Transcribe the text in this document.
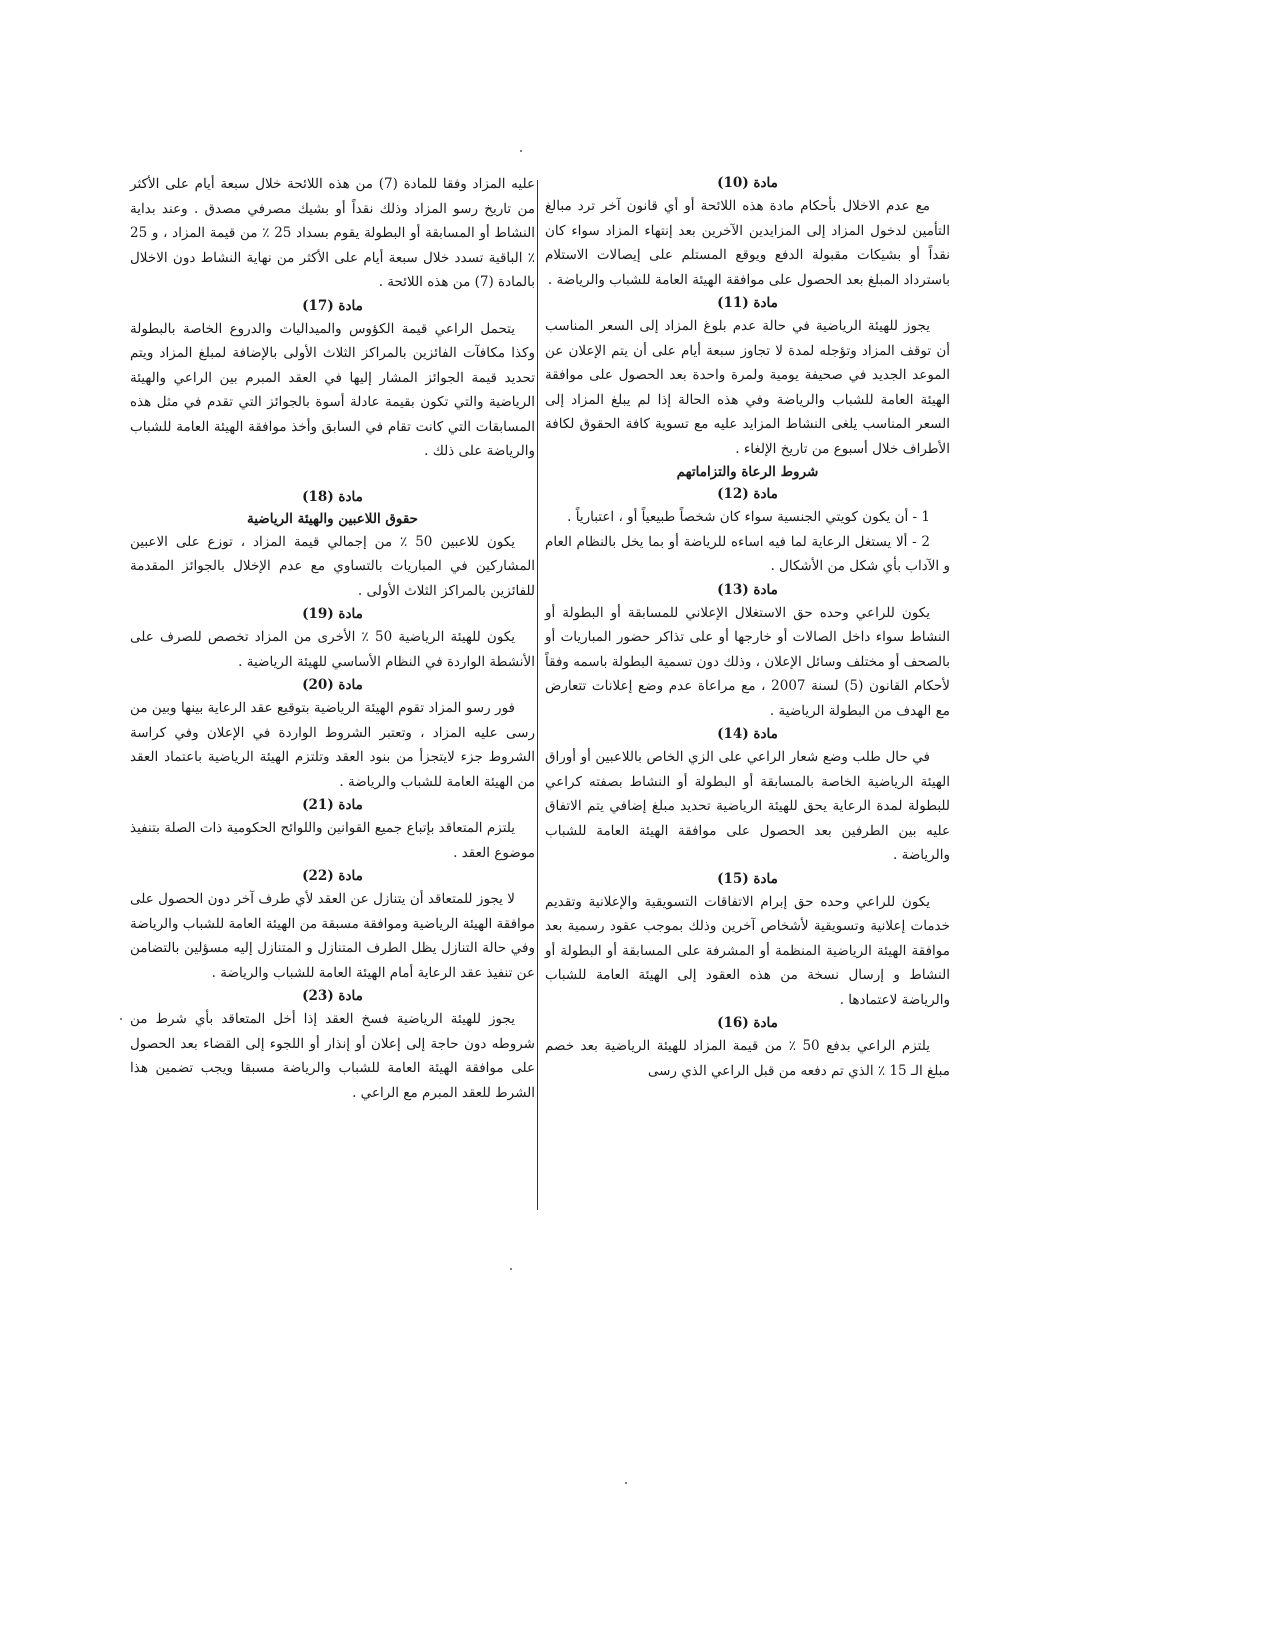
مادة (10)

مع عدم الاخلال بأحكام مادة هذه اللائحة أو أي قانون آخر ترد مبالغ التأمين لدخول المزاد إلى المزايدين الآخرين بعد إنتهاء المزاد سواء كان نقداً أو بشيكات مقبولة الدفع ويوقع المستلم على إيصالات الاستلام باسترداد المبلغ بعد الحصول على موافقة الهيئة العامة للشباب والرياضة .

مادة (11)

يجوز للهيئة الرياضية في حالة عدم بلوغ المزاد إلى السعر المناسب أن توقف المزاد وتؤجله لمدة لا تجاوز سبعة أيام على أن يتم الإعلان عن الموعد الجديد في صحيفة يومية ولمرة واحدة بعد الحصول على موافقة الهيئة العامة للشباب والرياضة وفي هذه الحالة إذا لم يبلغ المزاد إلى السعر المناسب يلغى النشاط المزايد عليه مع تسوية كافة الحقوق لكافة الأطراف خلال أسبوع من تاريخ الإلغاء .

شروط الرعاة والتزاماتهم

مادة (12)

1 - أن يكون كويتي الجنسية سواء كان شخصاً طبيعياً أو ، اعتبارياً .

2 - ألا يستغل الرعاية لما فيه اساءه للرياضة أو بما يخل بالنظام العام و الآداب بأي شكل من الأشكال .

مادة (13)

يكون للراعي وحده حق الاستغلال الإعلاني للمسابقة أو البطولة أو النشاط سواء داخل الصالات أو خارجها أو على تذاكر حضور المباريات أو بالصحف أو مختلف وسائل الإعلان ، وذلك دون تسمية البطولة باسمه وفقاً لأحكام القانون (5) لسنة 2007 ، مع مراعاة عدم وضع إعلانات تتعارض مع الهدف من البطولة الرياضية .

مادة (14)

في حال طلب وضع شعار الراعي على الزي الخاص باللاعبين أو أوراق الهيئة الرياضية الخاصة بالمسابقة أو البطولة أو النشاط بصفته كراعي للبطولة لمدة الرعاية يحق للهيئة الرياضية تحديد مبلغ إضافي يتم الاتفاق عليه بين الطرفين بعد الحصول على موافقة الهيئة العامة للشباب والرياضة .

مادة (15)

يكون للراعي وحده حق إبرام الاتفاقات التسويقية والإعلانية وتقديم خدمات إعلانية وتسويقية لأشخاص آخرين وذلك بموجب عقود رسمية بعد موافقة الهيئة الرياضية المنظمة أو المشرفة على المسابقة أو البطولة أو النشاط و إرسال نسخة من هذه العقود إلى الهيئة العامة للشباب والرياضة لاعتمادها .

مادة (16)

يلتزم الراعي بدفع 50 ٪ من قيمة المزاد للهيئة الرياضية بعد خصم مبلغ الـ 15 ٪ الذي تم دفعه من قبل الراعي الذي رسى

عليه المزاد وفقا للمادة (7) من هذه اللائحة خلال سبعة أيام على الأكثر من تاريخ رسو المزاد وذلك نقداً أو بشيك مصرفي مصدق . وعند بداية النشاط أو المسابقة أو البطولة يقوم بسداد 25 ٪ من قيمة المزاد ، و 25 ٪ الباقية تسدد خلال سبعة أيام على الأكثر من نهاية النشاط دون الاخلال بالمادة (7) من هذه اللائحة .

مادة (17)

يتحمل الراعي قيمة الكؤوس والميداليات والدروع الخاصة بالبطولة وكذا مكافآت الفائزين بالمراكز الثلاث الأولى بالإضافة لمبلغ المزاد ويتم تحديد قيمة الجوائز المشار إليها في العقد المبرم بين الراعي والهيئة الرياضية والتي تكون بقيمة عادلة أسوة بالجوائز التي تقدم في مثل هذه المسابقات التي كانت تقام في السابق وأخذ موافقة الهيئة العامة للشباب والرياضة على ذلك .

مادة (18)

حقوق اللاعبين والهيئة الرياضية

يكون للاعبين 50 ٪ من إجمالي قيمة المزاد ، توزع على الاعبين المشاركين في المباريات بالتساوي مع عدم الإخلال بالجوائز المقدمة للفائزين بالمراكز الثلاث الأولى .

مادة (19)

يكون للهيئة الرياضية 50 ٪ الأخرى من المزاد تخصص للصرف على الأنشطة الواردة في النظام الأساسي للهيئة الرياضية .

مادة (20)

فور رسو المزاد تقوم الهيئة الرياضية بتوقيع عقد الرعاية بينها وبين من رسى عليه المزاد ، وتعتبر الشروط الواردة في الإعلان وفي كراسة الشروط جزء لايتجزأ من بنود العقد وتلتزم الهيئة الرياضية باعتماد العقد من الهيئة العامة للشباب والرياضة .

مادة (21)

يلتزم المتعاقد بإتباع جميع القوانين واللوائح الحكومية ذات الصلة بتنفيذ موضوع العقد .

مادة (22)

لا يجوز للمتعاقد أن يتنازل عن العقد لأي طرف آخر دون الحصول على موافقة الهيئة الرياضية وموافقة مسبقة من الهيئة العامة للشباب والرياضة وفي حالة التنازل يظل الطرف المتنازل و المتنازل إليه مسؤلين بالتضامن عن تنفيذ عقد الرعاية أمام الهيئة العامة للشباب والرياضة .

مادة (23)

يجوز للهيئة الرياضية فسخ العقد إذا أخل المتعاقد بأي شرط من شروطه دون حاجة إلى إعلان أو إنذار أو اللجوء إلى القضاء بعد الحصول على موافقة الهيئة العامة للشباب والرياضة مسبقا ويجب تضمين هذا الشرط للعقد المبرم مع الراعي .
